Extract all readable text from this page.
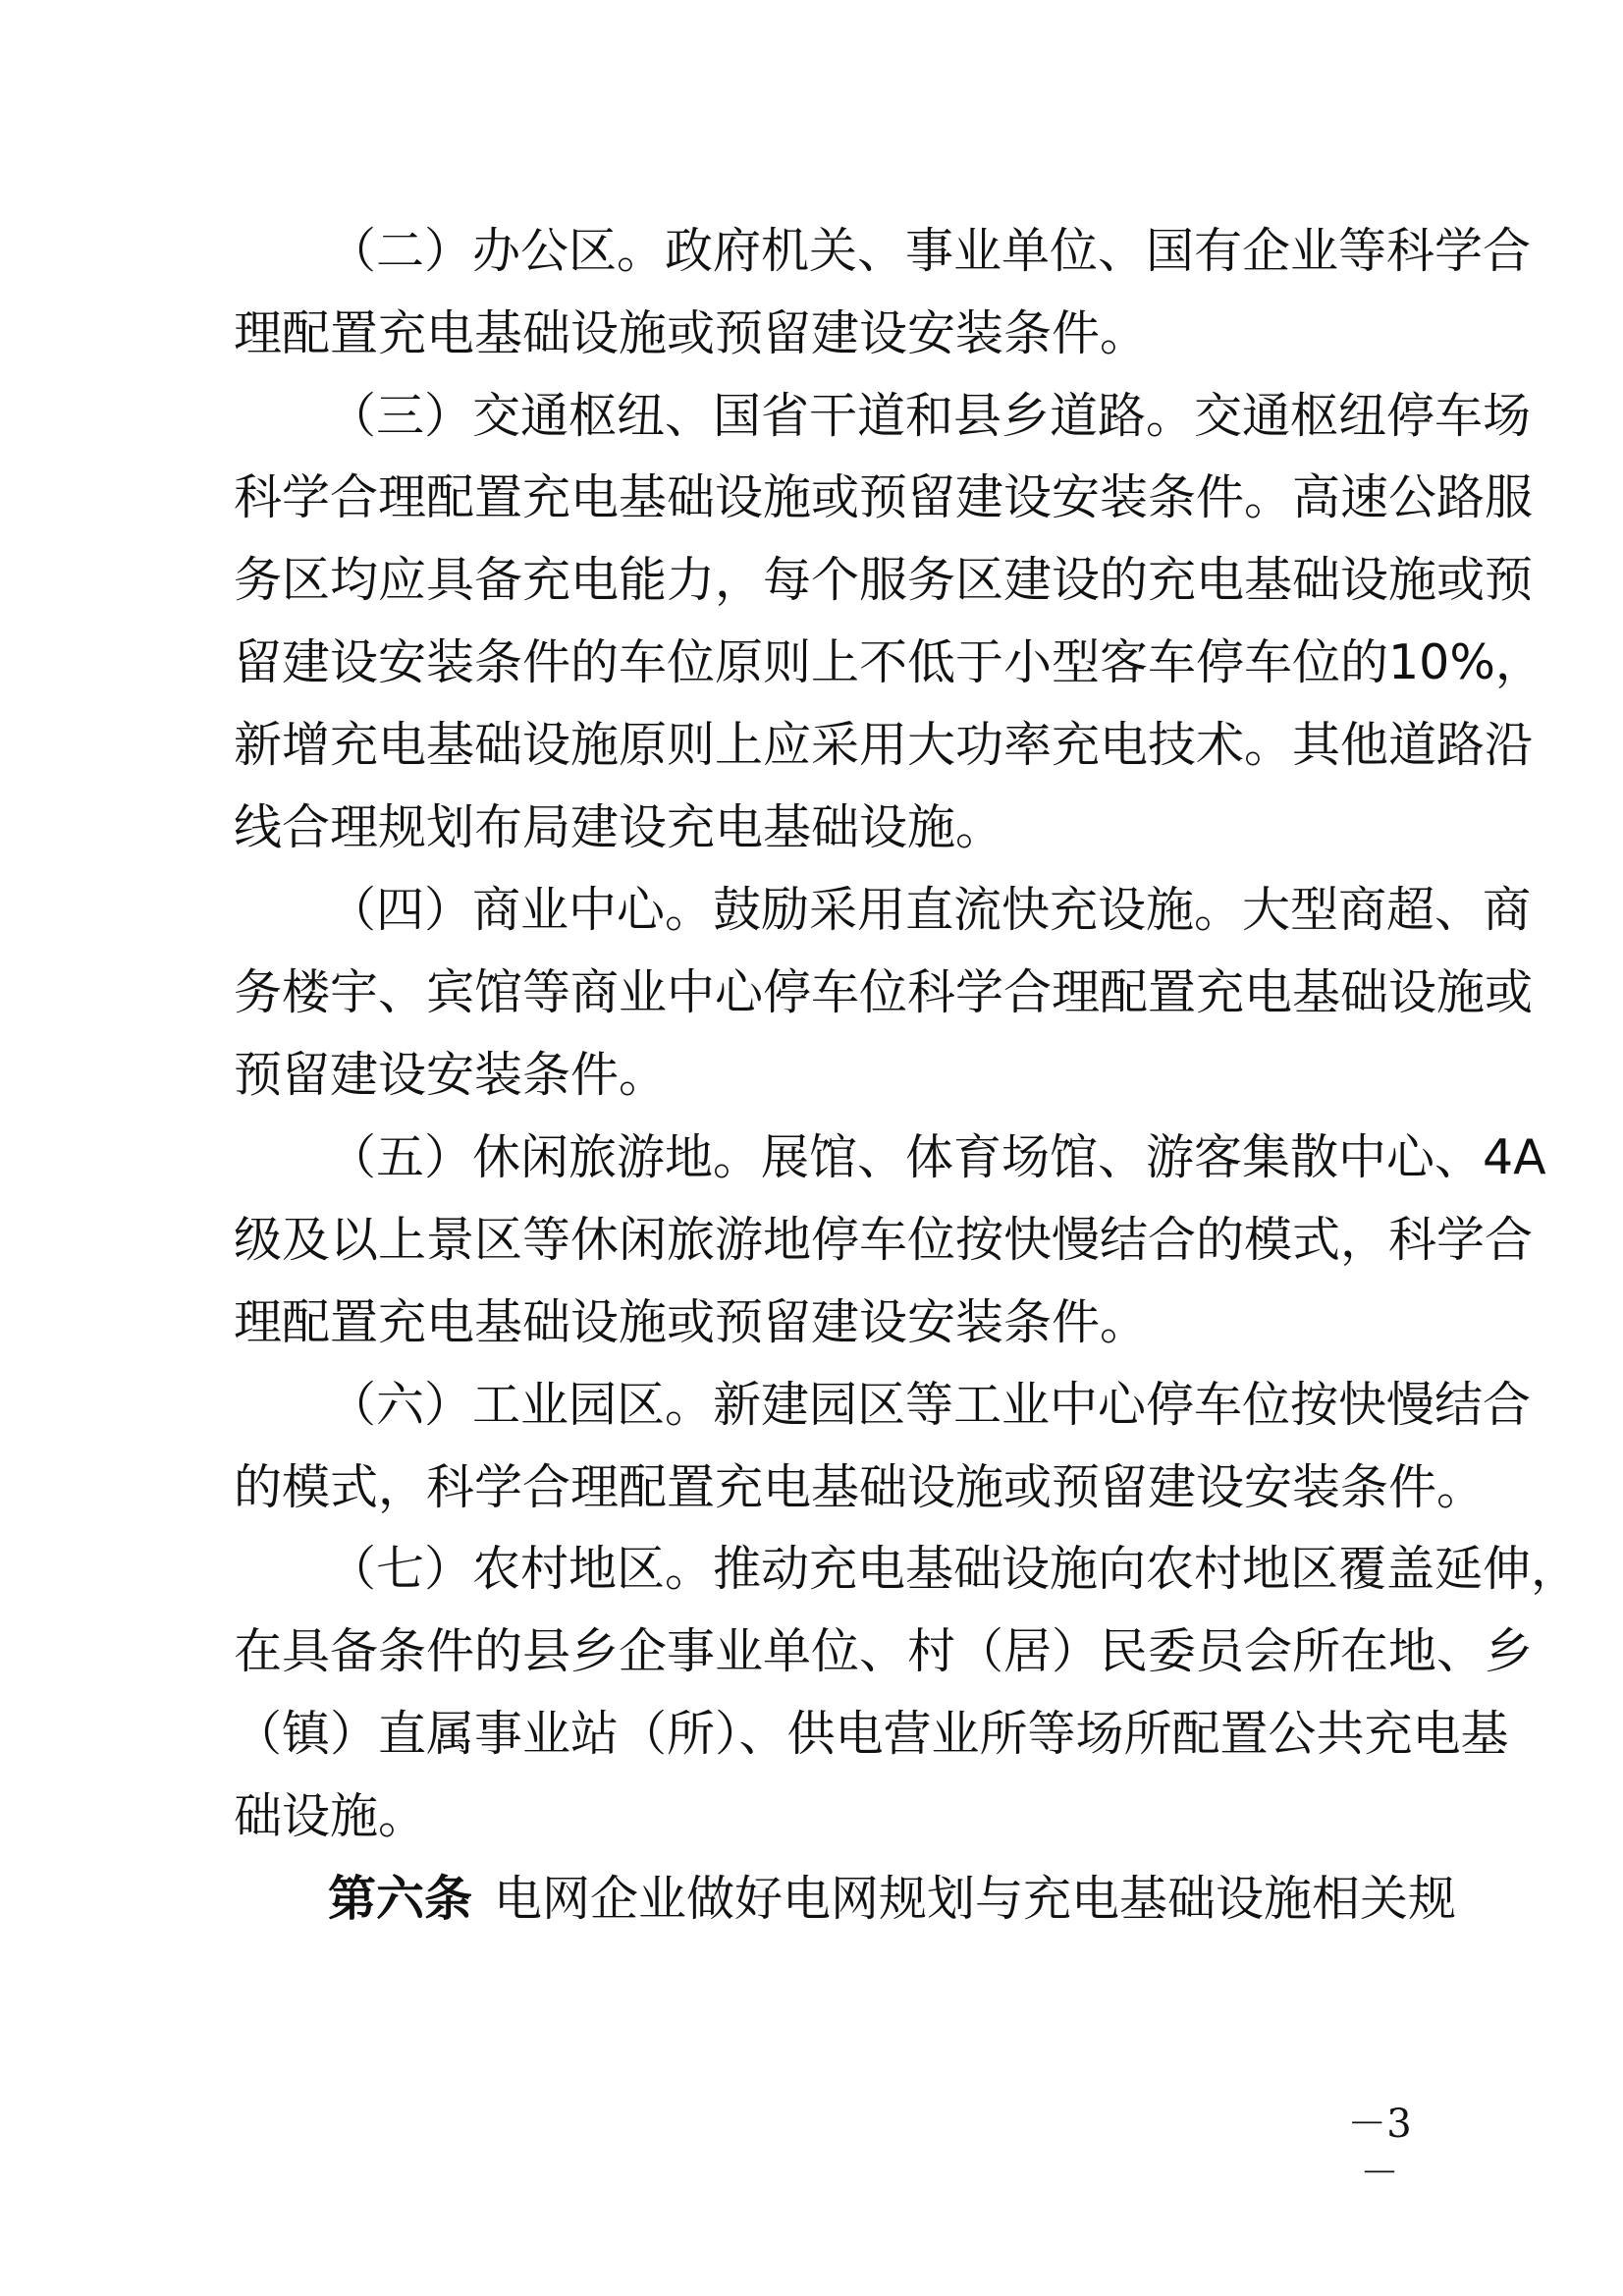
（二）办公区。政府机关、事业单位、国有企业等科学合
理配置充电基础设施或预留建设安装条件。
（三）交通枢纽、国省干道和县乡道路。交通枢纽停车场
科学合理配置充电基础设施或预留建设安装条件。高速公路服
务区均应具备充电能力，每个服务区建设的充电基础设施或预
留建设安装条件的车位原则上不低于小型客车停车位的10%，
新增充电基础设施原则上应采用大功率充电技术。其他道路沿
线合理规划布局建设充电基础设施。
（四）商业中心。鼓励采用直流快充设施。大型商超、商
务楼宇、宾馆等商业中心停车位科学合理配置充电基础设施或
预留建设安装条件。
（五）休闲旅游地。展馆、体育场馆、游客集散中心、4A
级及以上景区等休闲旅游地停车位按快慢结合的模式，科学合
理配置充电基础设施或预留建设安装条件。
（六）工业园区。新建园区等工业中心停车位按快慢结合
的模式，科学合理配置充电基础设施或预留建设安装条件。
（七）农村地区。推动充电基础设施向农村地区覆盖延伸，
在具备条件的县乡企事业单位、村（居）民委员会所在地、乡
（镇）直属事业站（所）、供电营业所等场所配置公共充电基
础设施。
第六条 电网企业做好电网规划与充电基础设施相关规
－3－
